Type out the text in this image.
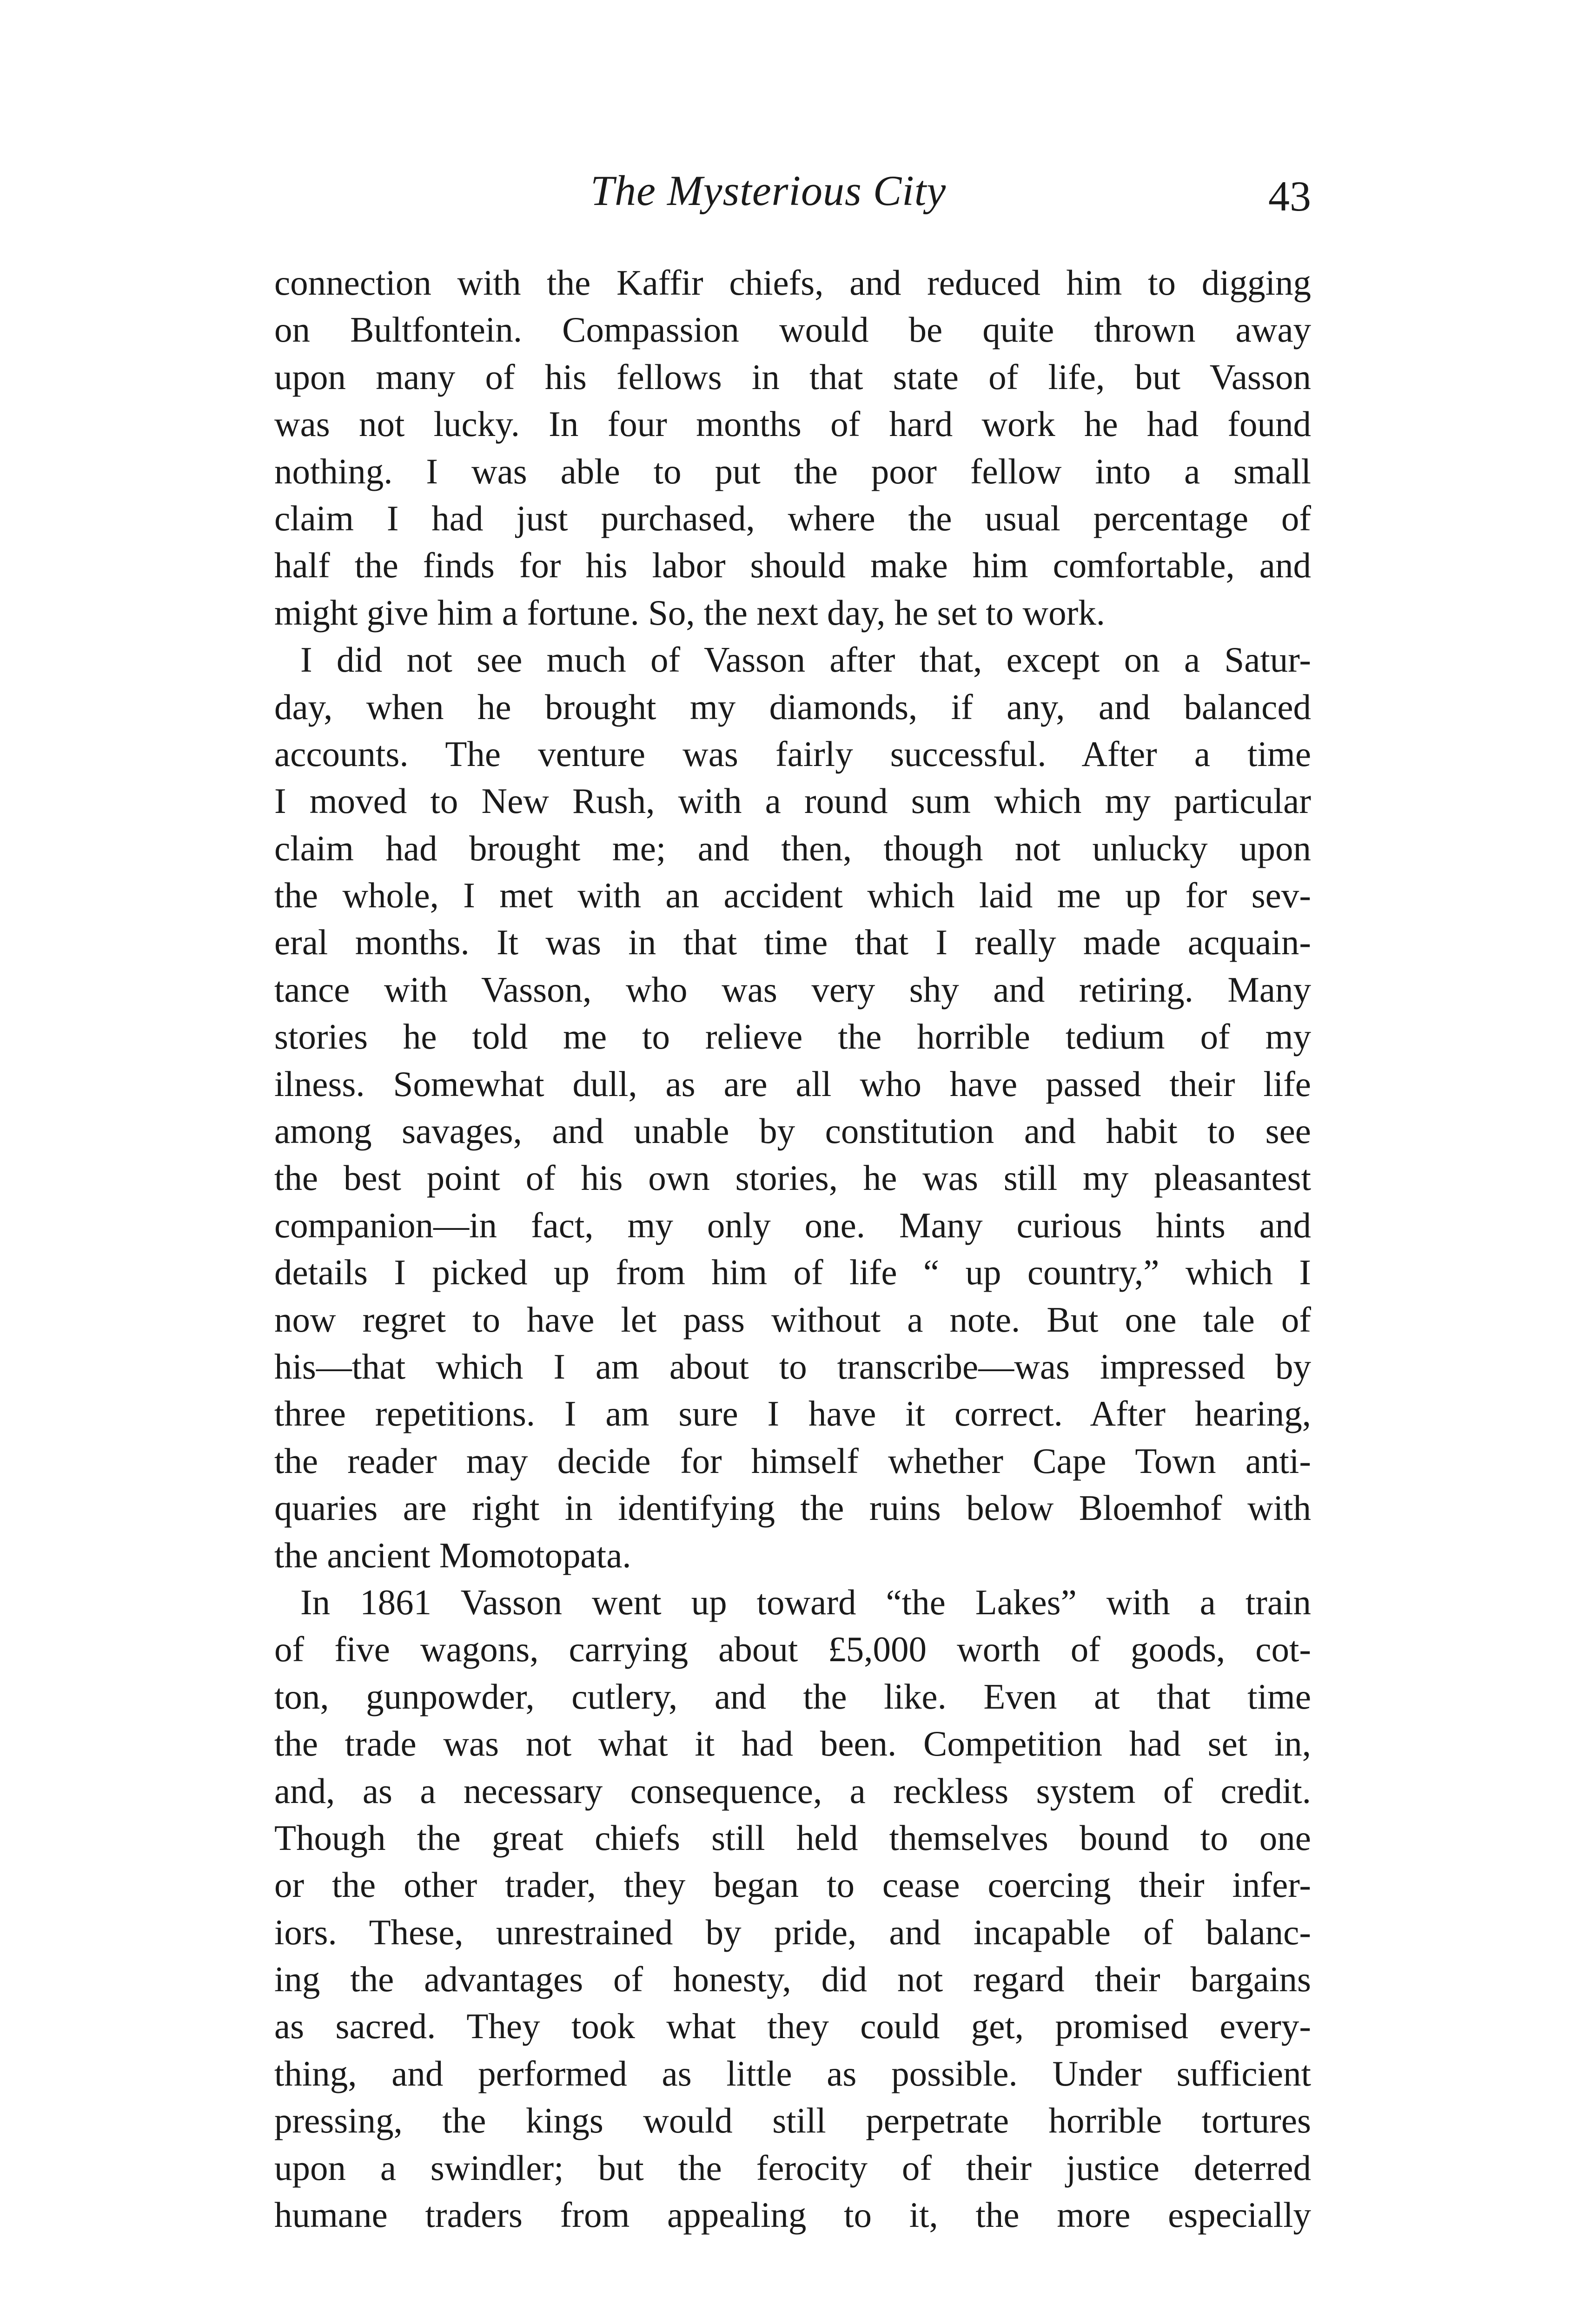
The Mysterious City	43
connection with the Kaffir chiefs, and reduced him to digging
on Bultfontein. Compassion would be quite thrown away
upon many of his fellows in that state of life, but Vasson
was not lucky. In four months of hard work he had found
nothing. I was able to put the poor fellow into a small
claim I had just purchased, where the usual percentage of
half the finds for his labor should make him comfortable, and
might give him a fortune. So, the next day, he set to work.
I did not see much of Vasson after that, except on a Satur-
day, when he brought my diamonds, if any, and balanced
accounts. The venture was fairly successful. After a time
I moved to New Rush, with a round sum which my particular
claim had brought me; and then, though not unlucky upon
the whole, I met with an accident which laid me up for sev-
eral months. It was in that time that I really made acquain-
tance with Vasson, who was very shy and retiring. Many
stories he told me to relieve the horrible tedium of my
ilness. Somewhat dull, as are all who have passed their life
among savages, and unable by constitution and habit to see
the best point of his own stories, he was still my pleasantest
companion—in fact, my only one. Many curious hints and
details I picked up from him of life “ up country,” which I
now regret to have let pass without a note. But one tale of
his—that which I am about to transcribe—was impressed by
three repetitions. I am sure I have it correct. After hearing,
the reader may decide for himself whether Cape Town anti-
quaries are right in identifying the ruins below Bloemhof with
the ancient Momotopata.
In 1861 Vasson went up toward “the Lakes” with a train
of five wagons, carrying about £5,000 worth of goods, cot-
ton, gunpowder, cutlery, and the like. Even at that time
the trade was not what it had been. Competition had set in,
and, as a necessary consequence, a reckless system of credit.
Though the great chiefs still held themselves bound to one
or the other trader, they began to cease coercing their infer-
iors. These, unrestrained by pride, and incapable of balanc-
ing the advantages of honesty, did not regard their bargains
as sacred. They took what they could get, promised every-
thing, and performed as little as possible. Under sufficient
pressing, the kings would still perpetrate horrible tortures
upon a swindler; but the ferocity of their justice deterred
humane traders from appealing to it, the more especially
